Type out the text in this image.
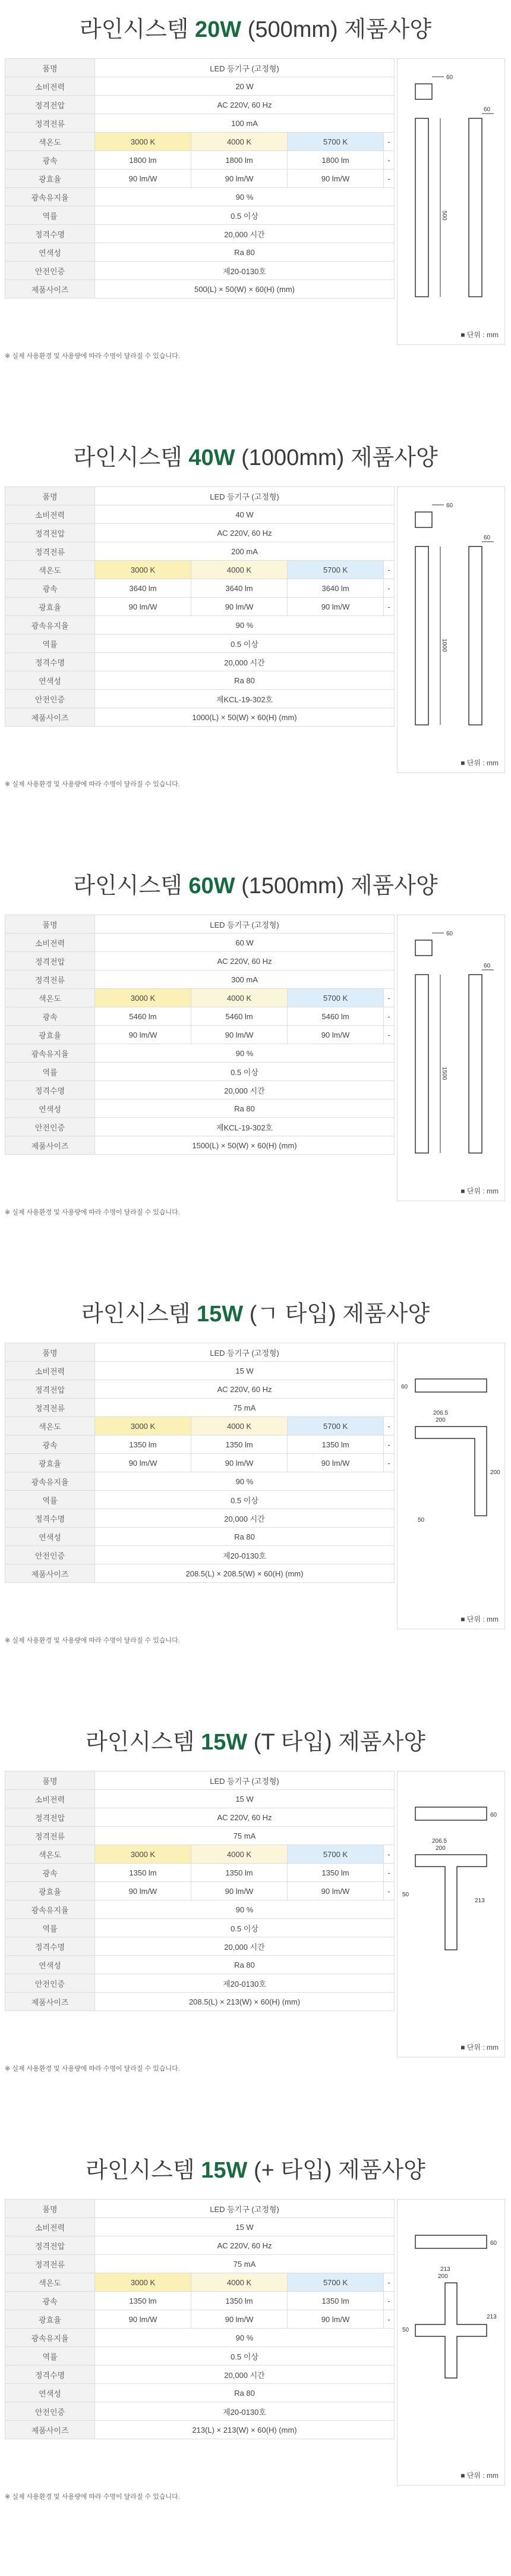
라인시스템 20W (500mm) 제품사양
품명	LED 등기구 (고정형)			
소비전력	20 W			
정격전압	AC 220V, 60 Hz			
정격전류	100 mA			
색온도	3000 K	4000 K	5700 K	-
광속	1800 lm	1800 lm	1800 lm	-
광효율	90 lm/W	90 lm/W	90 lm/W	-
광속유지율	90 %			
역률	0.5 이상			
정격수명	20,000 시간			
연색성	Ra 80			
안전인증	제20-0130호			
제품사이즈	500(L) × 50(W) × 60(H) (mm)			
60
500
60
■ 단위 : mm
※ 실제 사용환경 및 사용량에 따라 수명이 달라질 수 있습니다.
라인시스템 40W (1000mm) 제품사양
품명	LED 등기구 (고정형)			
소비전력	40 W			
정격전압	AC 220V, 60 Hz			
정격전류	200 mA			
색온도	3000 K	4000 K	5700 K	-
광속	3640 lm	3640 lm	3640 lm	-
광효율	90 lm/W	90 lm/W	90 lm/W	-
광속유지율	90 %			
역률	0.5 이상			
정격수명	20,000 시간			
연색성	Ra 80			
안전인증	제KCL-19-302호			
제품사이즈	1000(L) × 50(W) × 60(H) (mm)			
60
1000
60
■ 단위 : mm
※ 실제 사용환경 및 사용량에 따라 수명이 달라질 수 있습니다.
라인시스템 60W (1500mm) 제품사양
품명	LED 등기구 (고정형)			
소비전력	60 W			
정격전압	AC 220V, 60 Hz			
정격전류	300 mA			
색온도	3000 K	4000 K	5700 K	-
광속	5460 lm	5460 lm	5460 lm	-
광효율	90 lm/W	90 lm/W	90 lm/W	-
광속유지율	90 %			
역률	0.5 이상			
정격수명	20,000 시간			
연색성	Ra 80			
안전인증	제KCL-19-302호			
제품사이즈	1500(L) × 50(W) × 60(H) (mm)			
60
1500
60
■ 단위 : mm
※ 실제 사용환경 및 사용량에 따라 수명이 달라질 수 있습니다.
라인시스템 15W (ㄱ 타입) 제품사양
품명	LED 등기구 (고정형)			
소비전력	15 W			
정격전압	AC 220V, 60 Hz			
정격전류	75 mA			
색온도	3000 K	4000 K	5700 K	-
광속	1350 lm	1350 lm	1350 lm	-
광효율	90 lm/W	90 lm/W	90 lm/W	-
광속유지율	90 %			
역률	0.5 이상			
정격수명	20,000 시간			
연색성	Ra 80			
안전인증	제20-0130호			
제품사이즈	208.5(L) × 208.5(W) × 60(H) (mm)			
60
206.5
200
200
50
■ 단위 : mm
※ 실제 사용환경 및 사용량에 따라 수명이 달라질 수 있습니다.
라인시스템 15W (T 타입) 제품사양
품명	LED 등기구 (고정형)			
소비전력	15 W			
정격전압	AC 220V, 60 Hz			
정격전류	75 mA			
색온도	3000 K	4000 K	5700 K	-
광속	1350 lm	1350 lm	1350 lm	-
광효율	90 lm/W	90 lm/W	90 lm/W	-
광속유지율	90 %			
역률	0.5 이상			
정격수명	20,000 시간			
연색성	Ra 80			
안전인증	제20-0130호			
제품사이즈	208.5(L) × 213(W) × 60(H) (mm)			
60
206.5
200
50
213
■ 단위 : mm
※ 실제 사용환경 및 사용량에 따라 수명이 달라질 수 있습니다.
라인시스템 15W (+ 타입) 제품사양
품명	LED 등기구 (고정형)			
소비전력	15 W			
정격전압	AC 220V, 60 Hz			
정격전류	75 mA			
색온도	3000 K	4000 K	5700 K	-
광속	1350 lm	1350 lm	1350 lm	-
광효율	90 lm/W	90 lm/W	90 lm/W	-
광속유지율	90 %			
역률	0.5 이상			
정격수명	20,000 시간			
연색성	Ra 80			
안전인증	제20-0130호			
제품사이즈	213(L) × 213(W) × 60(H) (mm)			
60
213
200
50
213
■ 단위 : mm
※ 실제 사용환경 및 사용량에 따라 수명이 달라질 수 있습니다.
